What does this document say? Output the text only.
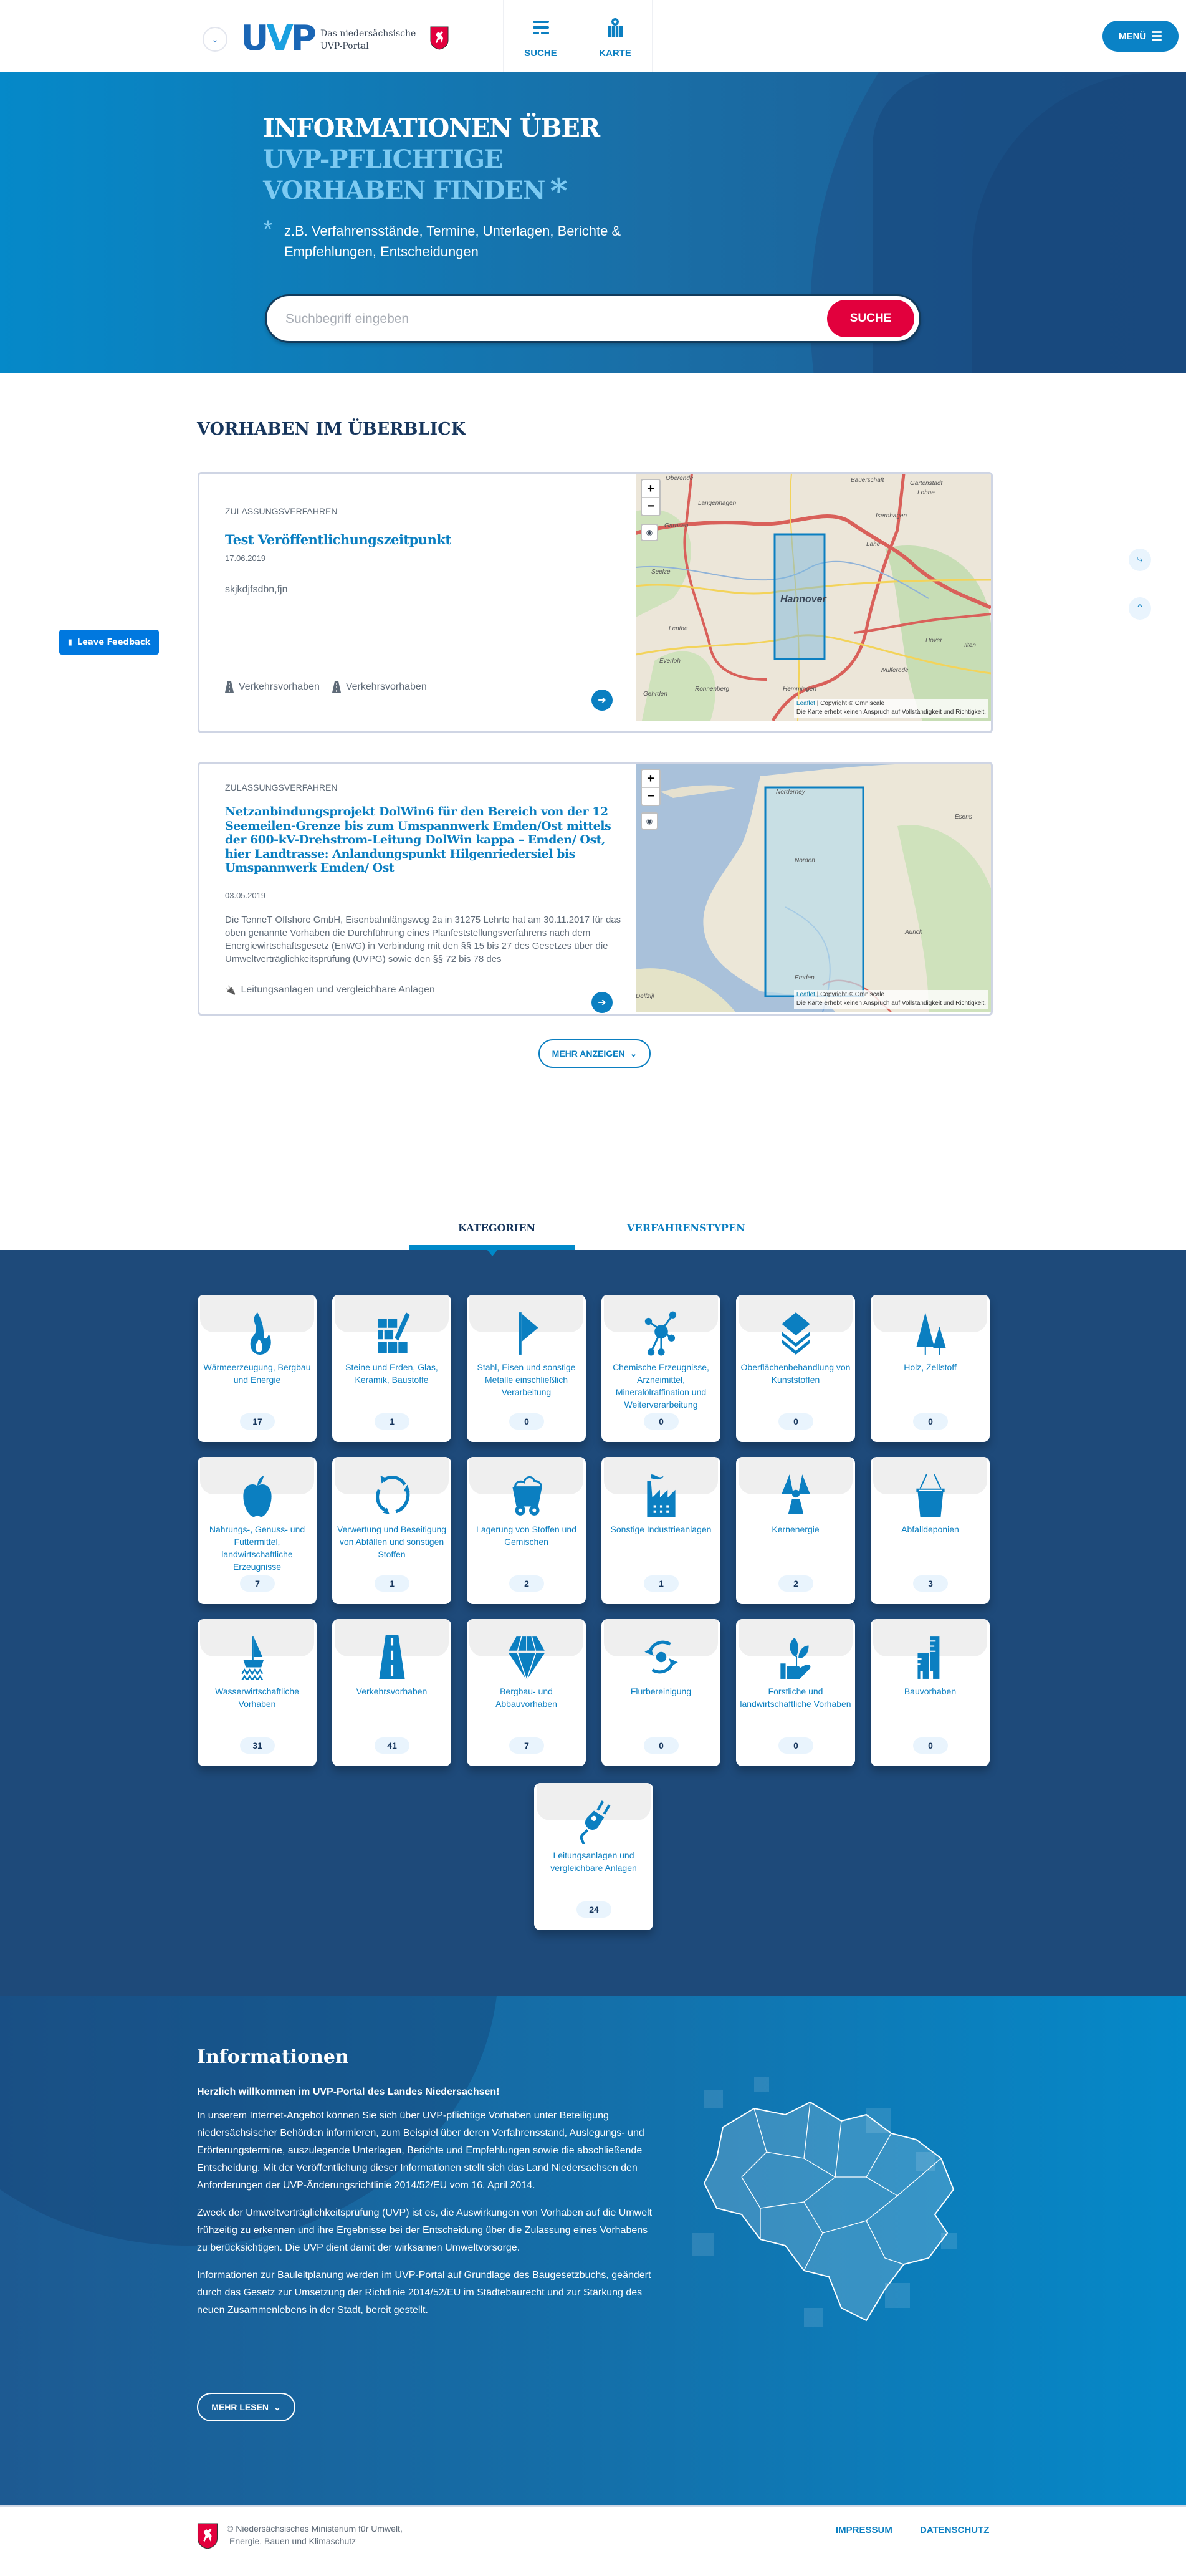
⌄ UVP Das niedersächsische
UVP-Portal
SUCHE	KARTE
MENÜ ☰
INFORMATIONEN ÜBER
UVP-PFLICHTIGE
VORHABEN FINDEN *
* z.B. Verfahrensstände, Termine, Unterlagen, Berichte & Empfehlungen, Entscheidungen
Suchbegriff eingeben
SUCHE
VORHABEN IM ÜBERBLICK
ZULASSUNGSVERFAHREN
Test Veröffentlichungszeitpunkt
17.06.2019
skjkdjfsdbn,fjn
Verkehrsvorhaben	Verkehrsvorhaben
➔
Hannover
Oberende
Langenhagen
Bauerschaft	Gartenstadt
Lohne
Isernhagen
Garbsen
Seelze
Lenthe
Everloh
Ronnenberg	Hemmingen
Gehrden
Wülferode
Höver
Ilten
Lahe
+
−
◉
Leaflet | Copyright © Omniscale
Die Karte erhebt keinen Anspruch auf Vollständigkeit und Richtigkeit.
ZULASSUNGSVERFAHREN
Netzanbindungsprojekt DolWin6 für den Bereich von der 12 Seemeilen-Grenze bis zum Umspannwerk Emden/Ost mittels der 600-kV-Drehstrom-Leitung DolWin kappa – Emden/ Ost, hier Landtrasse: Anlandungspunkt Hilgenriedersiel bis Umspannwerk Emden/ Ost
03.05.2019
Die TenneT Offshore GmbH, Eisenbahnlängsweg 2a in 31275 Lehrte hat am 30.11.2017 für das oben genannte Vorhaben die Durchführung eines Planfeststellungsverfahrens nach dem Energiewirtschaftsgesetz (EnWG) in Verbindung mit den §§ 15 bis 27 des Gesetzes über die Umweltverträglichkeitsprüfung (UVPG) sowie den §§ 72 bis 78 des
🔌 Leitungsanlagen und vergleichbare Anlagen
➔
Norderney
Norden
Esens
Aurich
Delfzijl
Emden
+
−
◉
Leaflet | Copyright © Omniscale
Die Karte erhebt keinen Anspruch auf Vollständigkeit und Richtigkeit.
MEHR ANZEIGEN ⌄
KATEGORIEN	VERFAHRENSTYPEN
Wärmeerzeugung, Bergbau und Energie
17
Steine und Erden, Glas, Keramik, Baustoffe
1
Stahl, Eisen und sonstige Metalle einschließlich Verarbeitung
0
Chemische Erzeugnisse, Arzneimittel, Mineralölraffination und Weiterverarbeitung
0
Oberflächenbehandlung von Kunststoffen
0
Holz, Zellstoff
0
Nahrungs-, Genuss- und Futtermittel, landwirtschaftliche Erzeugnisse
7
Verwertung und Beseitigung von Abfällen und sonstigen Stoffen
1
Lagerung von Stoffen und Gemischen
2
Sonstige Industrieanlagen
1
Kernenergie
2
Abfalldeponien
3
Wasserwirtschaftliche Vorhaben
31
Verkehrsvorhaben
41
Bergbau- und Abbauvorhaben
7
Flurbereinigung
0
Forstliche und landwirtschaftliche Vorhaben
0
Bauvorhaben
0
Leitungsanlagen und vergleichbare Anlagen
24
Informationen

Herzlich willkommen im UVP-Portal des Landes Niedersachsen!

In unserem Internet-Angebot können Sie sich über UVP-pflichtige Vorhaben unter Beteiligung niedersächsischer Behörden informieren, zum Beispiel über deren Verfahrensstand, Auslegungs- und Erörterungstermine, auszulegende Unterlagen, Berichte und Empfehlungen sowie die abschließende Entscheidung. Mit der Veröffentlichung dieser Informationen stellt sich das Land Niedersachsen den Anforderungen der UVP-Änderungsrichtlinie 2014/52/EU vom 16. April 2014.

Zweck der Umweltverträglichkeitsprüfung (UVP) ist es, die Auswirkungen von Vorhaben auf die Umwelt frühzeitig zu erkennen und ihre Ergebnisse bei der Entscheidung über die Zulassung eines Vorhabens zu berücksichtigen. Die UVP dient damit der wirksamen Umweltvorsorge.

Informationen zur Bauleitplanung werden im UVP-Portal auf Grundlage des Baugesetzbuchs, geändert durch das Gesetz zur Umsetzung der Richtlinie 2014/52/EU im Städtebaurecht und zur Stärkung des neuen Zusammenlebens in der Stadt, bereit gestellt.

MEHR LESEN ⌄
© Niedersächsisches Ministerium für Umwelt,
Energie, Bauen und Klimaschutz
IMPRESSUM	DATENSCHUTZ
▮ Leave Feedback
⤷
⌃
